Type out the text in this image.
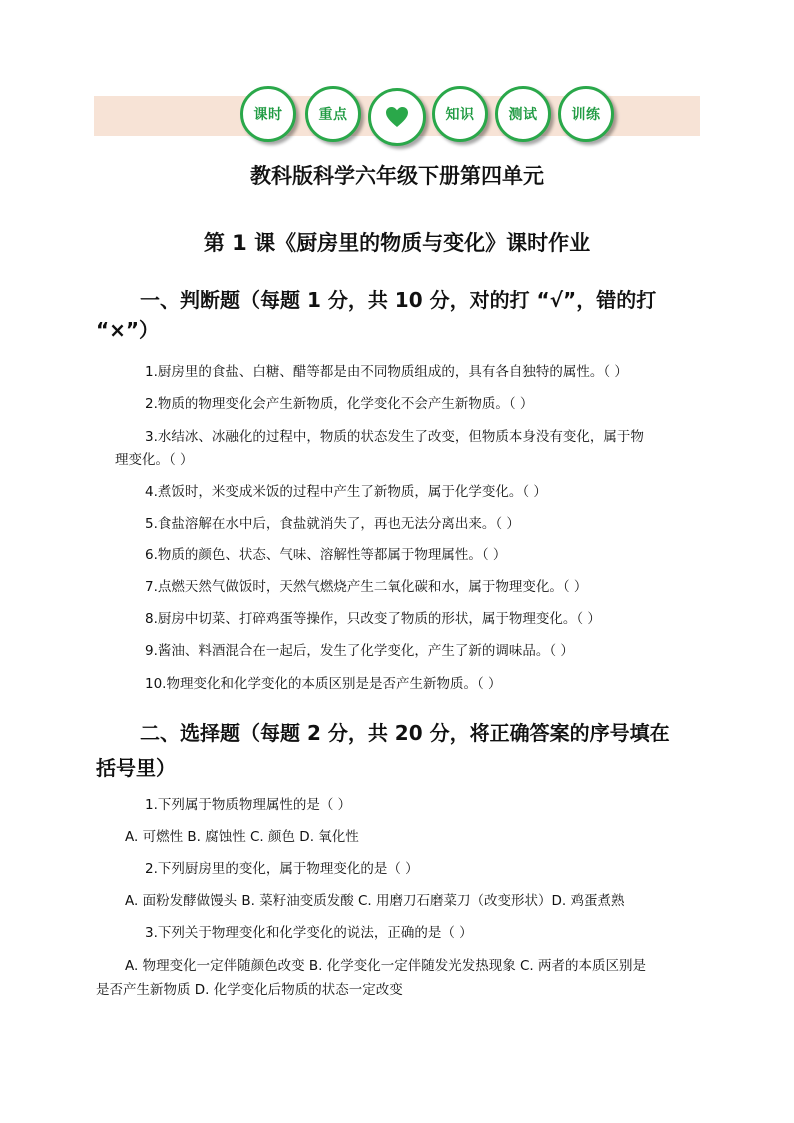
课时	重点	知识 测试 训练
教科版科学六年级下册第四单元
第 1 课《厨房里的物质与变化》课时作业
一、判断题（每题 1 分，共 10 分，对的打 “√”，错的打
“×”）
1.厨房里的食盐、白糖、醋等都是由不同物质组成的，具有各自独特的属性。（ ）
2.物质的物理变化会产生新物质，化学变化不会产生新物质。（ ）
3.水结冰、冰融化的过程中，物质的状态发生了改变，但物质本身没有变化，属于物
理变化。（ ）
4.煮饭时，米变成米饭的过程中产生了新物质，属于化学变化。（ ）
5.食盐溶解在水中后，食盐就消失了，再也无法分离出来。（ ）
6.物质的颜色、状态、气味、溶解性等都属于物理属性。（ ）
7.点燃天然气做饭时，天然气燃烧产生二氧化碳和水，属于物理变化。（ ）
8.厨房中切菜、打碎鸡蛋等操作，只改变了物质的形状，属于物理变化。（ ）
9.酱油、料酒混合在一起后，发生了化学变化，产生了新的调味品。（ ）
10.物理变化和化学变化的本质区别是是否产生新物质。（ ）
二、选择题（每题 2 分，共 20 分，将正确答案的序号填在
括号里）
1.下列属于物质物理属性的是（ ）
A. 可燃性 B. 腐蚀性 C. 颜色 D. 氧化性
2.下列厨房里的变化，属于物理变化的是（ ）
A. 面粉发酵做馒头 B. 菜籽油变质发酸 C. 用磨刀石磨菜刀（改变形状）D. 鸡蛋煮熟
3.下列关于物理变化和化学变化的说法，正确的是（ ）
A. 物理变化一定伴随颜色改变 B. 化学变化一定伴随发光发热现象 C. 两者的本质区别是
是否产生新物质 D. 化学变化后物质的状态一定改变
